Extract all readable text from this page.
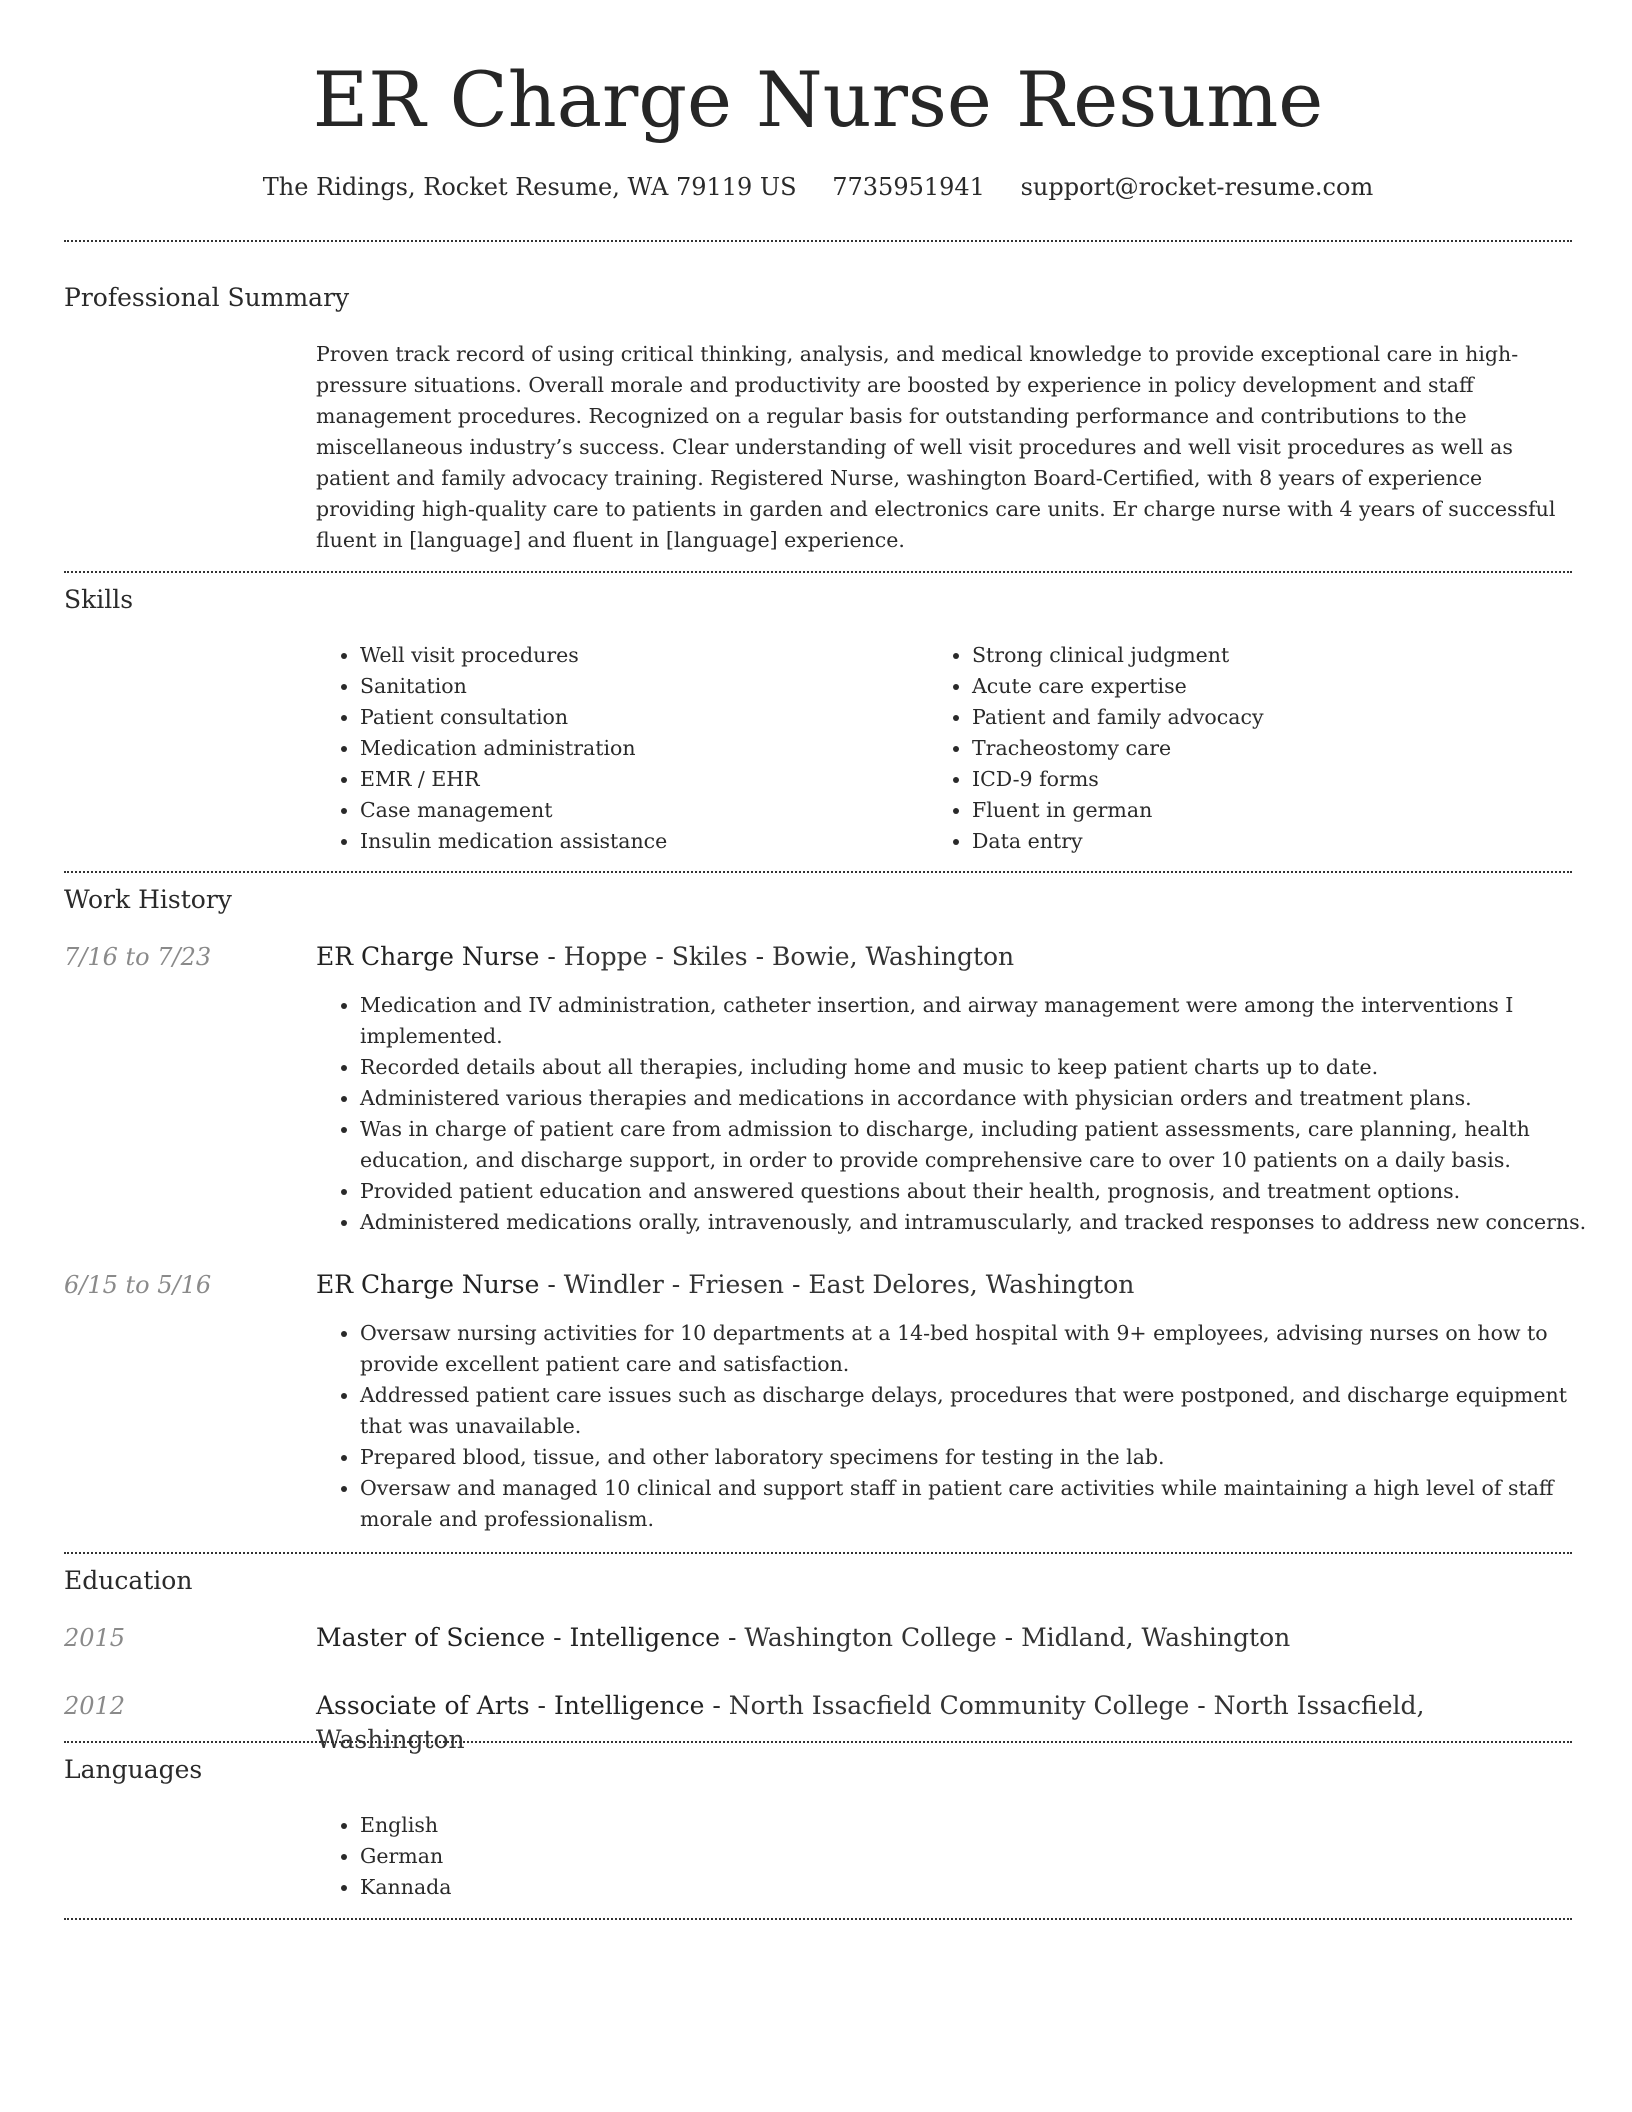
ER Charge Nurse Resume
The Ridings, Rocket Resume, WA 79119 US 7735951941 support@rocket-resume.com
Professional Summary
Proven track record of using critical thinking, analysis, and medical knowledge to provide exceptional care in high-pressure situations. Overall morale and productivity are boosted by experience in policy development and staff management procedures. Recognized on a regular basis for outstanding performance and contributions to the miscellaneous industry’s success. Clear understanding of well visit procedures and well visit procedures as well as patient and family advocacy training. Registered Nurse, washington Board-Certified, with 8 years of experience providing high-quality care to patients in garden and electronics care units. Er charge nurse with 4 years of successful fluent in [language] and fluent in [language] experience.
Skills
• Well visit procedures
• Sanitation
• Patient consultation
• Medication administration
• EMR / EHR
• Case management
• Insulin medication assistance
• Strong clinical judgment
• Acute care expertise
• Patient and family advocacy
• Tracheostomy care
• ICD-9 forms
• Fluent in german
• Data entry
Work History
7/16 to 7/23	ER Charge Nurse - Hoppe - Skiles - Bowie, Washington
• Medication and IV administration, catheter insertion, and airway management were among the interventions I implemented.
• Recorded details about all therapies, including home and music to keep patient charts up to date.
• Administered various therapies and medications in accordance with physician orders and treatment plans.
• Was in charge of patient care from admission to discharge, including patient assessments, care planning, health education, and discharge support, in order to provide comprehensive care to over 10 patients on a daily basis.
• Provided patient education and answered questions about their health, prognosis, and treatment options.
• Administered medications orally, intravenously, and intramuscularly, and tracked responses to address new concerns.
6/15 to 5/16	ER Charge Nurse - Windler - Friesen - East Delores, Washington
• Oversaw nursing activities for 10 departments at a 14-bed hospital with 9+ employees, advising nurses on how to provide excellent patient care and satisfaction.
• Addressed patient care issues such as discharge delays, procedures that were postponed, and discharge equipment that was unavailable.
• Prepared blood, tissue, and other laboratory specimens for testing in the lab.
• Oversaw and managed 10 clinical and support staff in patient care activities while maintaining a high level of staff morale and professionalism.
Education
2015	Master of Science - Intelligence - Washington College - Midland, Washington
2012	Associate of Arts - Intelligence - North Issacfield Community College - North Issacfield, Washington
Languages
• English
• German
• Kannada
